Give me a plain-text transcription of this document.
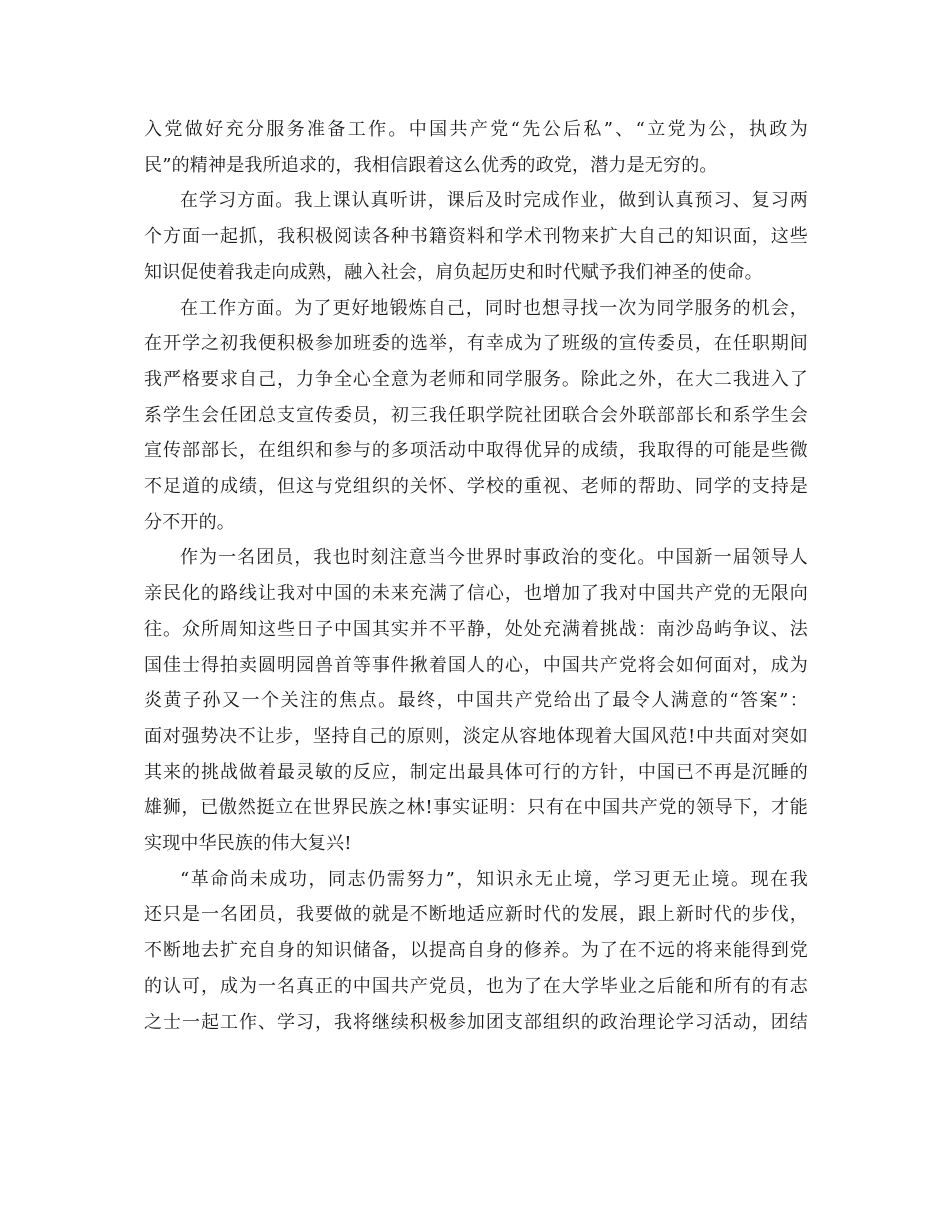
入党做好充分服务准备工作。中国共产党“先公后私”、“立党为公，执政为
民”的精神是我所追求的，我相信跟着这么优秀的政党，潜力是无穷的。
在学习方面。我上课认真听讲，课后及时完成作业，做到认真预习、复习两
个方面一起抓，我积极阅读各种书籍资料和学术刊物来扩大自己的知识面，这些
知识促使着我走向成熟，融入社会，肩负起历史和时代赋予我们神圣的使命。
在工作方面。为了更好地锻炼自己，同时也想寻找一次为同学服务的机会，
在开学之初我便积极参加班委的选举，有幸成为了班级的宣传委员，在任职期间
我严格要求自己，力争全心全意为老师和同学服务。除此之外，在大二我进入了
系学生会任团总支宣传委员，初三我任职学院社团联合会外联部部长和系学生会
宣传部部长，在组织和参与的多项活动中取得优异的成绩，我取得的可能是些微
不足道的成绩，但这与党组织的关怀、学校的重视、老师的帮助、同学的支持是
分不开的。
作为一名团员，我也时刻注意当今世界时事政治的变化。中国新一届领导人
亲民化的路线让我对中国的未来充满了信心，也增加了我对中国共产党的无限向
往。众所周知这些日子中国其实并不平静，处处充满着挑战：南沙岛屿争议、法
国佳士得拍卖圆明园兽首等事件揪着国人的心，中国共产党将会如何面对，成为
炎黄子孙又一个关注的焦点。最终，中国共产党给出了最令人满意的“答案”：
面对强势决不让步，坚持自己的原则，淡定从容地体现着大国风范!中共面对突如
其来的挑战做着最灵敏的反应，制定出最具体可行的方针，中国已不再是沉睡的
雄狮，已傲然挺立在世界民族之林!事实证明：只有在中国共产党的领导下，才能
实现中华民族的伟大复兴!
“革命尚未成功，同志仍需努力”，知识永无止境，学习更无止境。现在我
还只是一名团员，我要做的就是不断地适应新时代的发展，跟上新时代的步伐，
不断地去扩充自身的知识储备，以提高自身的修养。为了在不远的将来能得到党
的认可，成为一名真正的中国共产党员，也为了在大学毕业之后能和所有的有志
之士一起工作、学习，我将继续积极参加团支部组织的政治理论学习活动，团结
